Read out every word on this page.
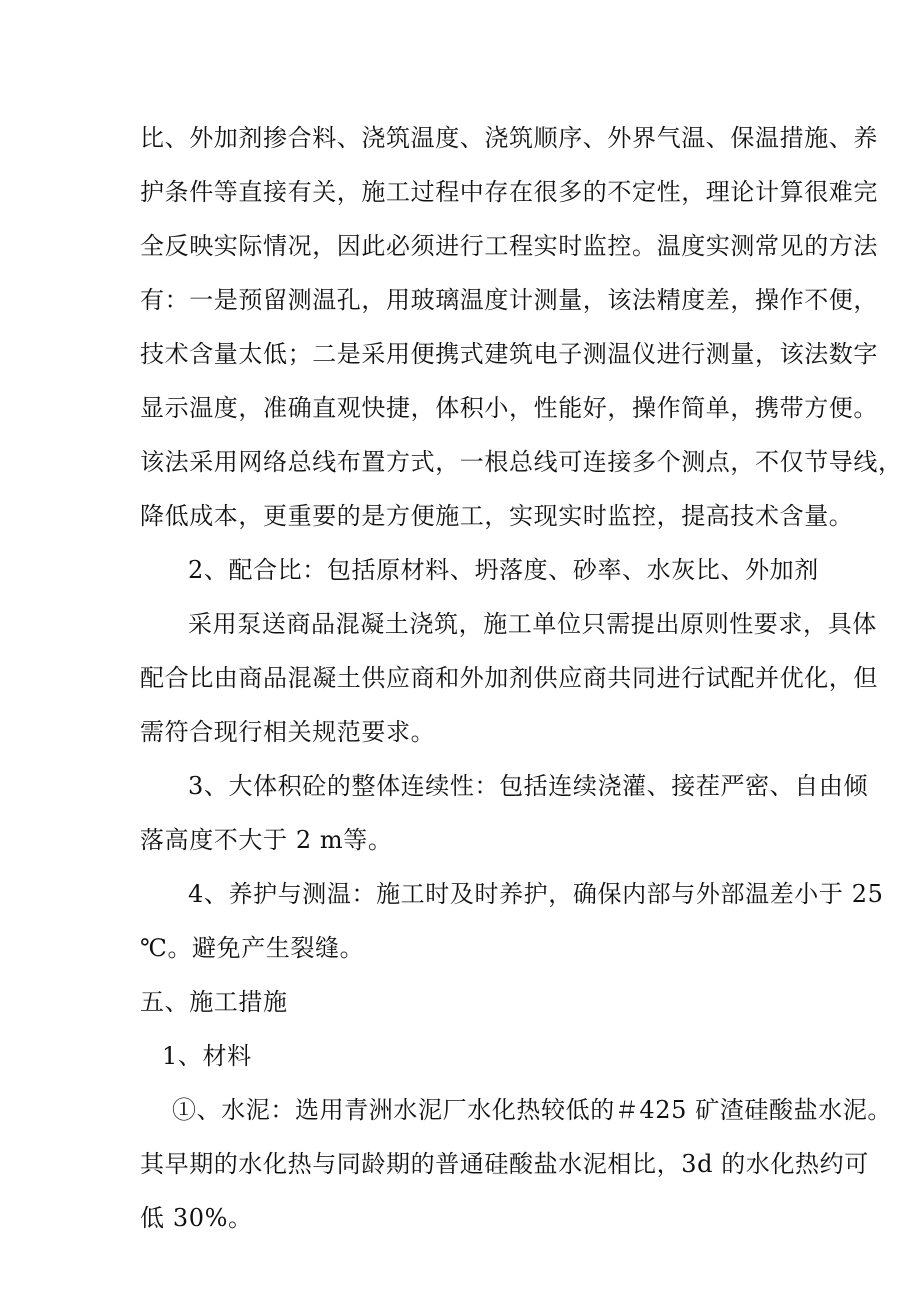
比、外加剂掺合料、浇筑温度、浇筑顺序、外界气温、保温措施、养
护条件等直接有关，施工过程中存在很多的不定性，理论计算很难完
全反映实际情况，因此必须进行工程实时监控。温度实测常见的方法
有：一是预留测温孔，用玻璃温度计测量，该法精度差，操作不便，
技术含量太低；二是采用便携式建筑电子测温仪进行测量，该法数字
显示温度，准确直观快捷，体积小，性能好，操作简单，携带方便。
该法采用网络总线布置方式，一根总线可连接多个测点，不仅节导线，
降低成本，更重要的是方便施工，实现实时监控，提高技术含量。
2、配合比：包括原材料、坍落度、砂率、水灰比、外加剂
采用泵送商品混凝土浇筑，施工单位只需提出原则性要求，具体
配合比由商品混凝土供应商和外加剂供应商共同进行试配并优化，但
需符合现行相关规范要求。
3、大体积砼的整体连续性：包括连续浇灌、接茬严密、自由倾
落高度不大于 2 m等。
4、养护与测温：施工时及时养护，确保内部与外部温差小于 25
℃。避免产生裂缝。
五、施工措施
1、材料
①、水泥：选用青洲水泥厂水化热较低的＃425 矿渣硅酸盐水泥。
其早期的水化热与同龄期的普通硅酸盐水泥相比，3d 的水化热约可
低 30%。
